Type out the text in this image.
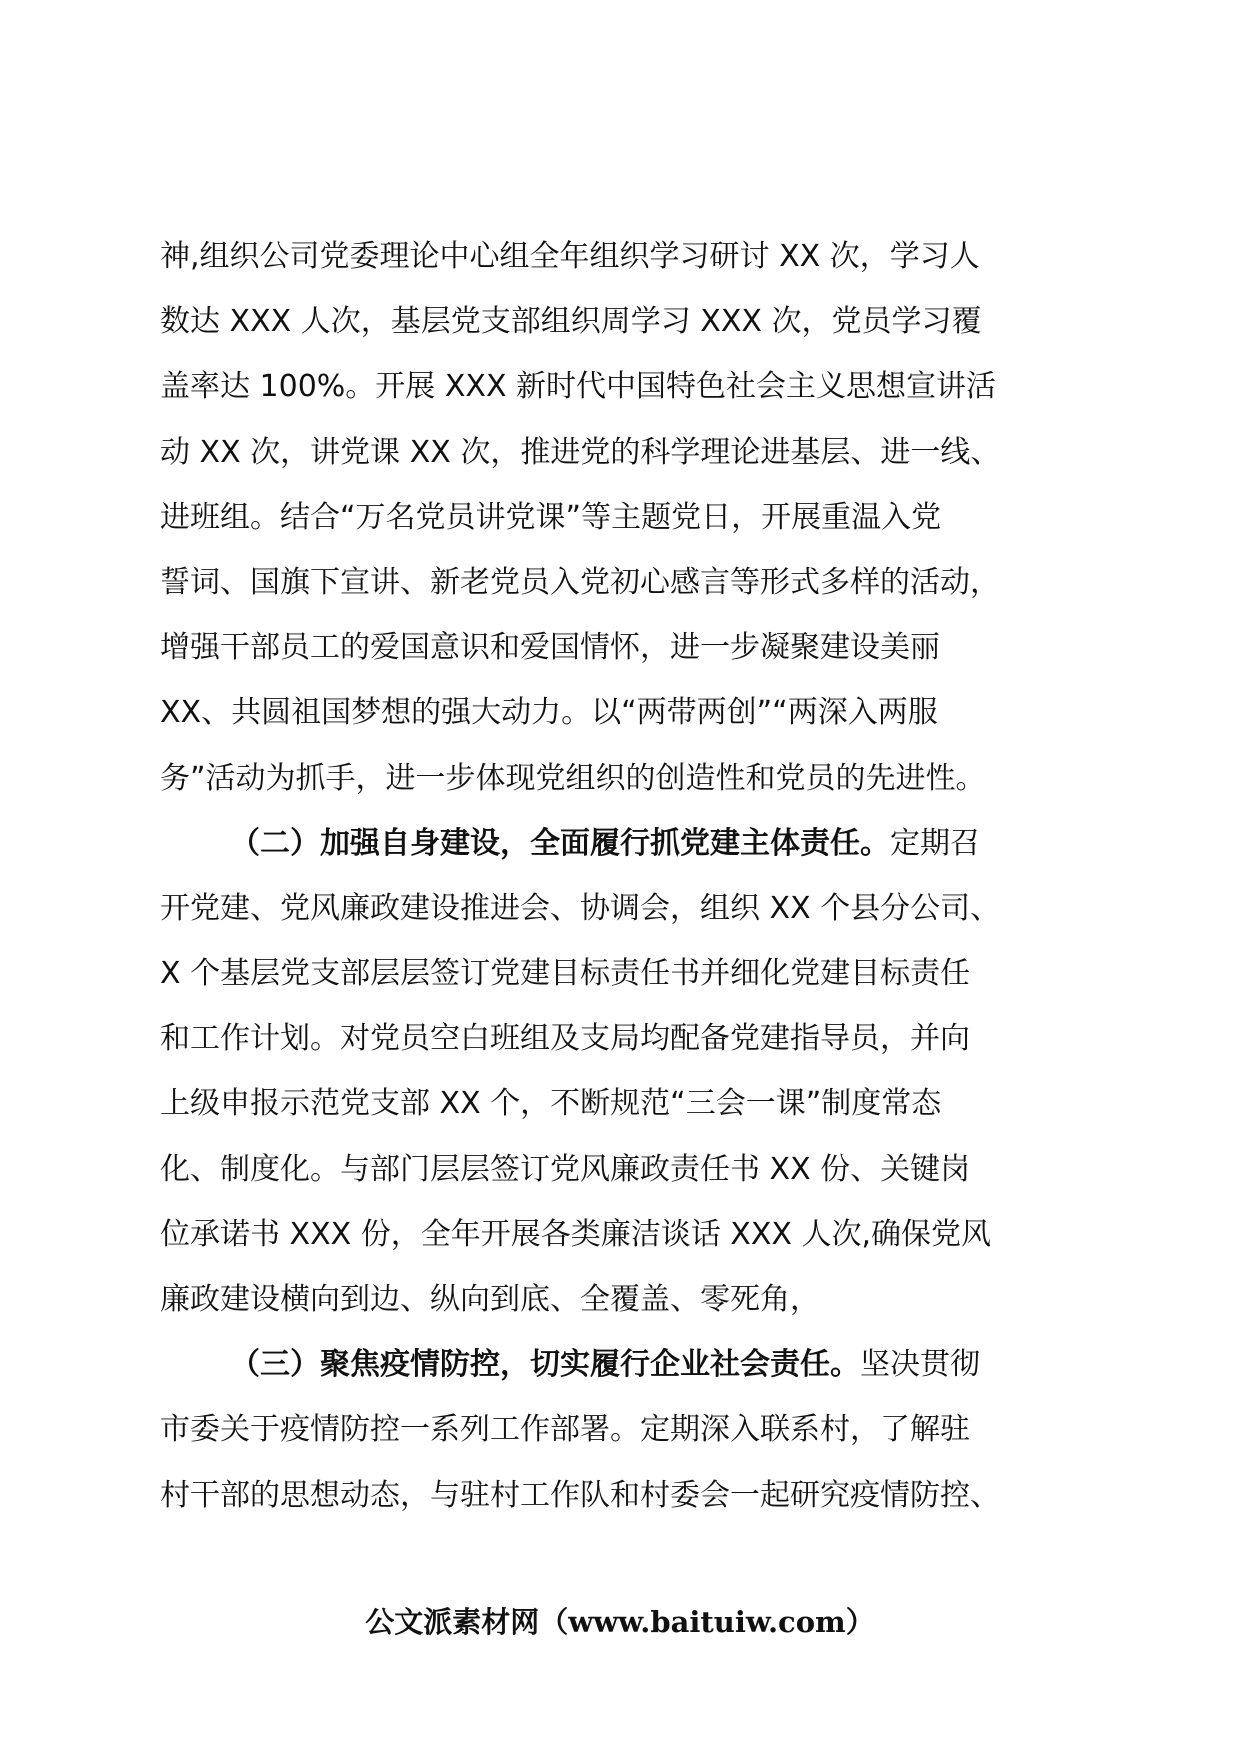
神,组织公司党委理论中心组全年组织学习研讨 XX 次，学习人
数达 XXX 人次，基层党支部组织周学习 XXX 次，党员学习覆
盖率达 100%。开展 XXX 新时代中国特色社会主义思想宣讲活
动 XX 次，讲党课 XX 次，推进党的科学理论进基层、进一线、
进班组。结合“万名党员讲党课”等主题党日，开展重温入党
誓词、国旗下宣讲、新老党员入党初心感言等形式多样的活动，
增强干部员工的爱国意识和爱国情怀，进一步凝聚建设美丽
XX、共圆祖国梦想的强大动力。以“两带两创”“两深入两服
务”活动为抓手，进一步体现党组织的创造性和党员的先进性。
（二）加强自身建设，全面履行抓党建主体责任。定期召
开党建、党风廉政建设推进会、协调会，组织 XX 个县分公司、
X 个基层党支部层层签订党建目标责任书并细化党建目标责任
和工作计划。对党员空白班组及支局均配备党建指导员，并向
上级申报示范党支部 XX 个，不断规范“三会一课”制度常态
化、制度化。与部门层层签订党风廉政责任书 XX 份、关键岗
位承诺书 XXX 份，全年开展各类廉洁谈话 XXX 人次,确保党风
廉政建设横向到边、纵向到底、全覆盖、零死角，
（三）聚焦疫情防控，切实履行企业社会责任。坚决贯彻
市委关于疫情防控一系列工作部署。定期深入联系村，了解驻
村干部的思想动态，与驻村工作队和村委会一起研究疫情防控、
公文派素材网（www.baituiw.com）
